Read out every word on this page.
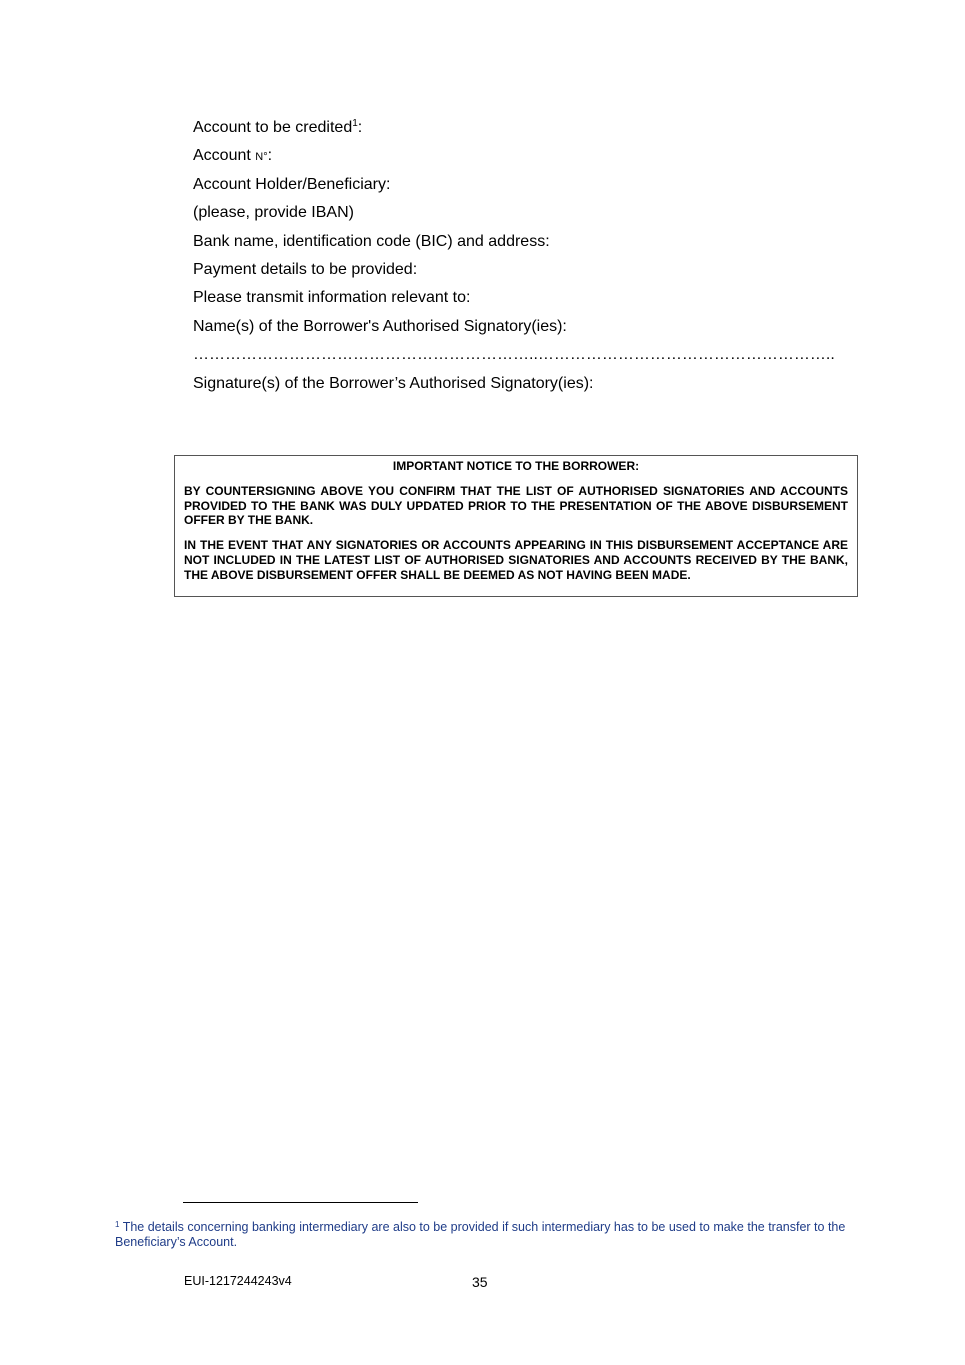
Account to be credited$^1$:
Account N°:
Account Holder/Beneficiary:
(please, provide IBAN)
Bank name, identification code (BIC) and address:
Payment details to be provided:
Please transmit information relevant to:
Name(s) of the Borrower's Authorised Signatory(ies):
………………………………………………………..………………………………………………..
Signature(s) of the Borrower’s Authorised Signatory(ies):
IMPORTANT NOTICE TO THE BORROWER:

BY COUNTERSIGNING ABOVE YOU CONFIRM THAT THE LIST OF AUTHORISED SIGNATORIES AND ACCOUNTS PROVIDED TO THE BANK WAS DULY UPDATED PRIOR TO THE PRESENTATION OF THE ABOVE DISBURSEMENT OFFER BY THE BANK.

IN THE EVENT THAT ANY SIGNATORIES OR ACCOUNTS APPEARING IN THIS DISBURSEMENT ACCEPTANCE ARE NOT INCLUDED IN THE LATEST LIST OF AUTHORISED SIGNATORIES AND ACCOUNTS RECEIVED BY THE BANK, THE ABOVE DISBURSEMENT OFFER SHALL BE DEEMED AS NOT HAVING BEEN MADE.

$^1$ The details concerning banking intermediary are also to be provided if such intermediary has to be used to make the transfer to the Beneficiary’s Account.
EUI-1217244243v4	35
